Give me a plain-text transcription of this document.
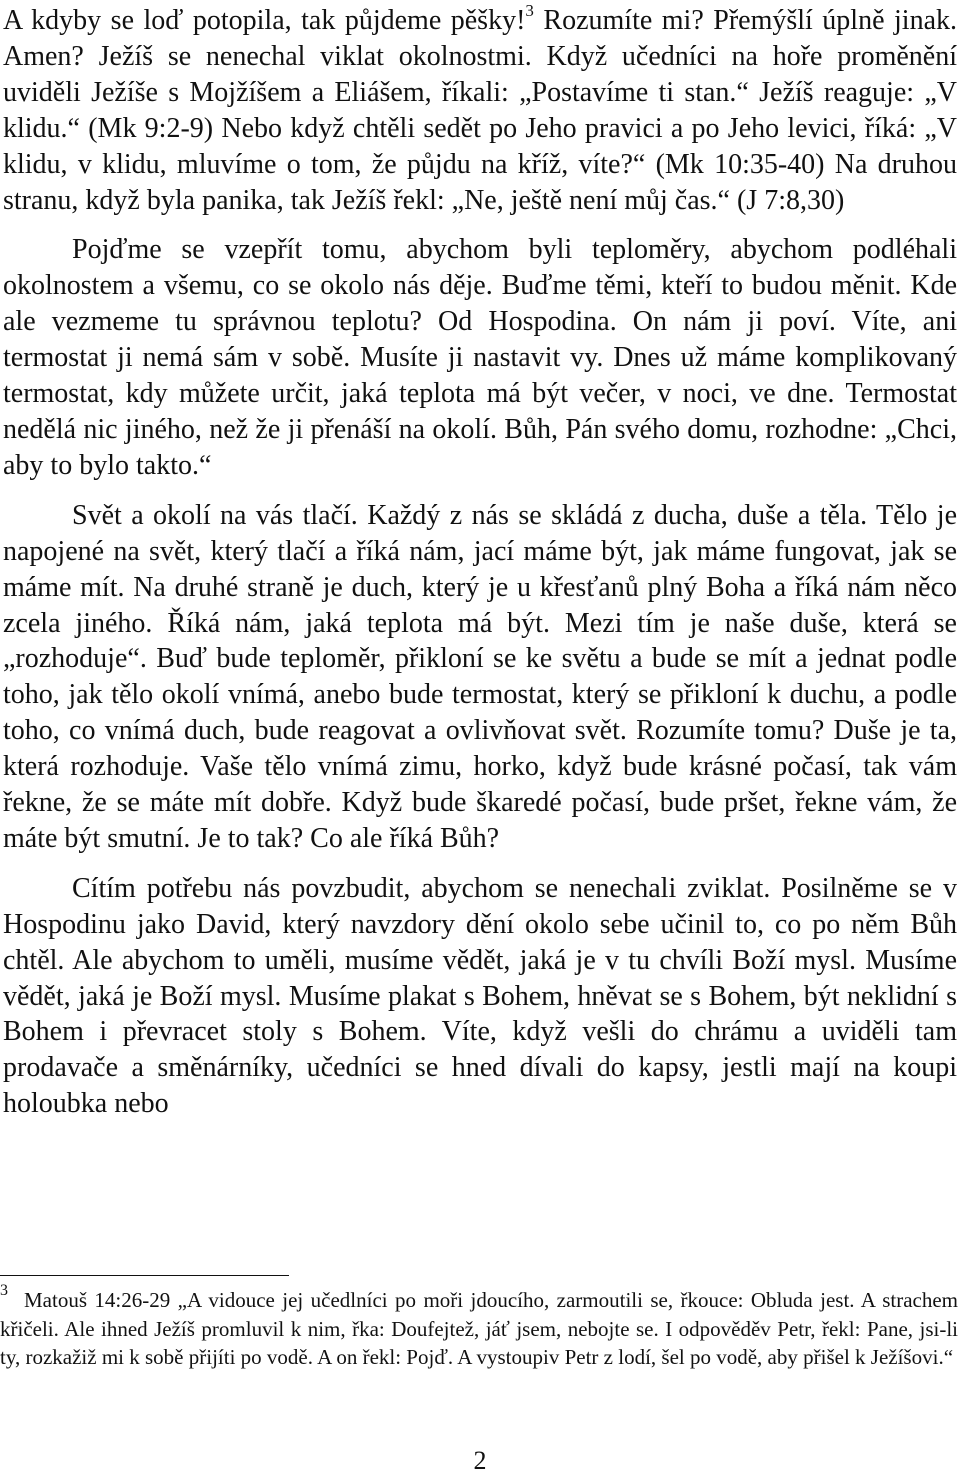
A kdyby se loď potopila, tak půjdeme pěšky!$^3$ Rozumíte mi? Přemýšlí úplně jinak. Amen? Ježíš se nenechal viklat okolnostmi. Když učedníci na hoře proměnění uviděli Ježíše s Mojžíšem a Eliášem, říkali: „Postavíme ti stan.“ Ježíš reaguje: „V klidu.“ (Mk 9:2-9) Nebo když chtěli sedět po Jeho pravici a po Jeho levici, říká: „V klidu, v klidu, mluvíme o tom, že půjdu na kříž, víte?“ (Mk 10:35-40) Na druhou stranu, když byla panika, tak Ježíš řekl: „Ne, ještě není můj čas.“ (J 7:8,30)

Pojďme se vzepřít tomu, abychom byli teploměry, abychom podléhali okolnostem a všemu, co se okolo nás děje. Buďme těmi, kteří to budou měnit. Kde ale vezmeme tu správnou teplotu? Od Hospodina. On nám ji poví. Víte, ani termostat ji nemá sám v sobě. Musíte ji nastavit vy. Dnes už máme komplikovaný termostat, kdy můžete určit, jaká teplota má být večer, v noci, ve dne. Termostat nedělá nic jiného, než že ji přenáší na okolí. Bůh, Pán svého domu, rozhodne: „Chci, aby to bylo takto.“

Svět a okolí na vás tlačí. Každý z nás se skládá z ducha, duše a těla. Tělo je napojené na svět, který tlačí a říká nám, jací máme být, jak máme fungovat, jak se máme mít. Na druhé straně je duch, který je u křesťanů plný Boha a říká nám něco zcela jiného. Říká nám, jaká teplota má být. Mezi tím je naše duše, která se „rozhoduje“. Buď bude teploměr, přikloní se ke světu a bude se mít a jednat podle toho, jak tělo okolí vnímá, anebo bude termostat, který se přikloní k duchu, a podle toho, co vnímá duch, bude reagovat a ovlivňovat svět. Rozumíte tomu? Duše je ta, která rozhoduje. Vaše tělo vnímá zimu, horko, když bude krásné počasí, tak vám řekne, že se máte mít dobře. Když bude škaredé počasí, bude pršet, řekne vám, že máte být smutní. Je to tak? Co ale říká Bůh?

Cítím potřebu nás povzbudit, abychom se nenechali zviklat. Posilněme se v Hospodinu jako David, který navzdory dění okolo sebe učinil to, co po něm Bůh chtěl. Ale abychom to uměli, musíme vědět, jaká je v tu chvíli Boží mysl. Musíme vědět, jaká je Boží mysl. Musíme plakat s Bohem, hněvat se s Bohem, být neklidní s Bohem i převracet stoly s Bohem. Víte, když vešli do chrámu a uviděli tam prodavače a směnárníky, učedníci se hned dívali do kapsy, jestli mají na koupi holoubka nebo

$^3$ Matouš 14:26-29 „A vidouce jej učedlníci po moři jdoucího, zarmoutili se, řkouce: Obluda jest. A strachem křičeli. Ale ihned Ježíš promluvil k nim, řka: Doufejtež, jáť jsem, nebojte se. I odpověděv Petr, řekl: Pane, jsi-li ty, rozkažiž mi k sobě přijíti po vodě. A on řekl: Pojď. A vystoupiv Petr z lodí, šel po vodě, aby přišel k Ježíšovi.“

2
